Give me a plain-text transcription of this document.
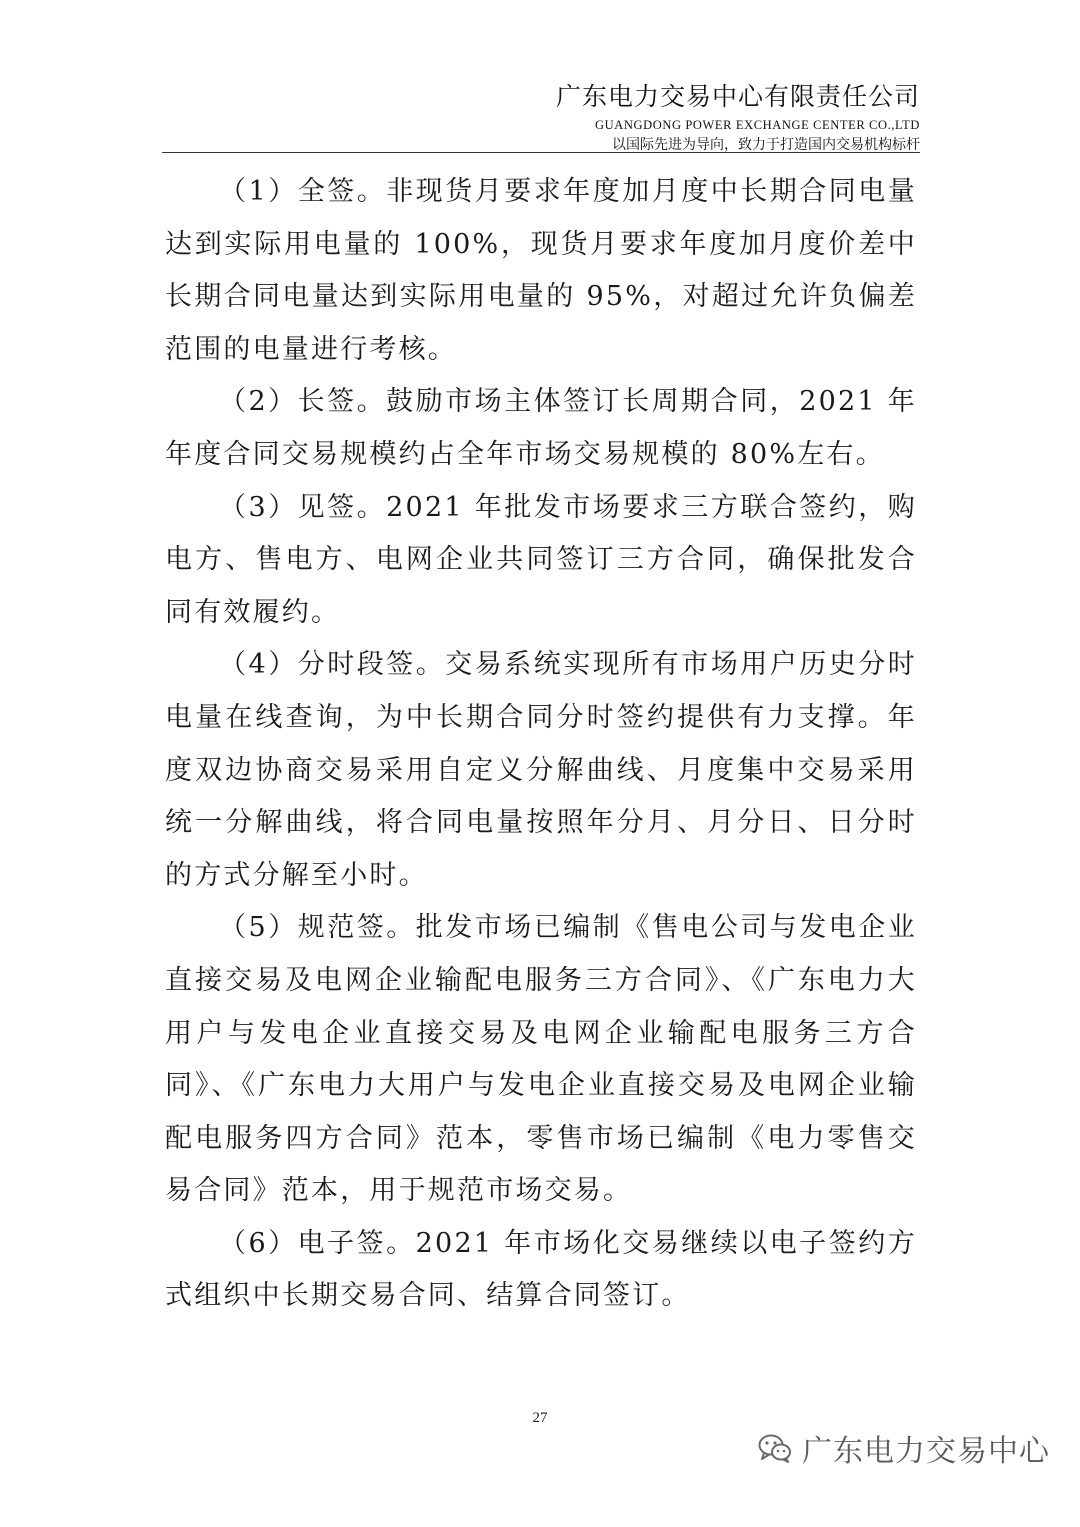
广东电力交易中心有限责任公司
GUANGDONG POWER EXCHANGE CENTER CO.,LTD
以国际先进为导向，致力于打造国内交易机构标杆

（1）全签。非现货月要求年度加月度中长期合同电量达到实际用电量的 100%，现货月要求年度加月度价差中长期合同电量达到实际用电量的 95%，对超过允许负偏差范围的电量进行考核。

（2）长签。鼓励市场主体签订长周期合同，2021 年年度合同交易规模约占全年市场交易规模的 80%左右。

（3）见签。2021 年批发市场要求三方联合签约，购电方、售电方、电网企业共同签订三方合同，确保批发合同有效履约。

（4）分时段签。交易系统实现所有市场用户历史分时电量在线查询，为中长期合同分时签约提供有力支撑。年度双边协商交易采用自定义分解曲线、月度集中交易采用统一分解曲线，将合同电量按照年分月、月分日、日分时的方式分解至小时。

（5）规范签。批发市场已编制《售电公司与发电企业直接交易及电网企业输配电服务三方合同》、《广东电力大用户与发电企业直接交易及电网企业输配电服务三方合同》、《广东电力大用户与发电企业直接交易及电网企业输配电服务四方合同》范本，零售市场已编制《电力零售交易合同》范本，用于规范市场交易。

（6）电子签。2021 年市场化交易继续以电子签约方式组织中长期交易合同、结算合同签订。

27
广东电力交易中心
